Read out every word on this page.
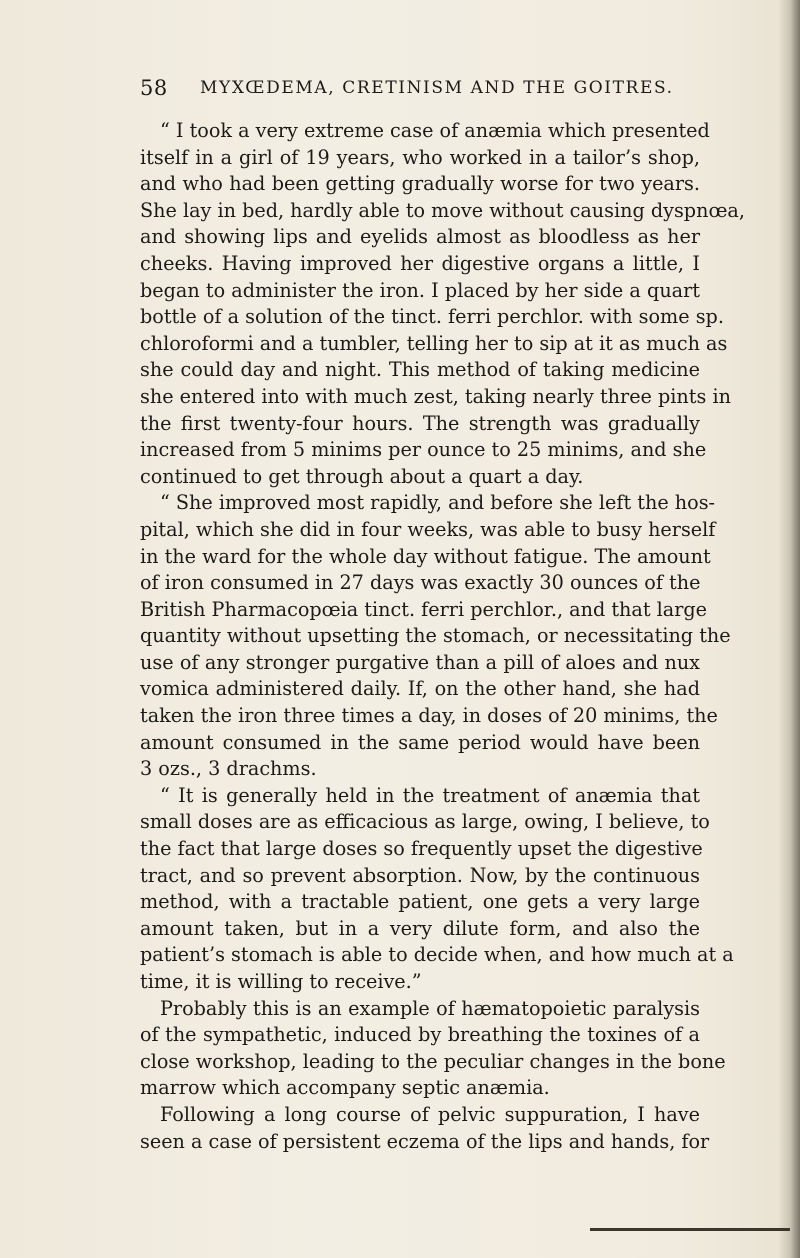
58 MYXŒDEMA, CRETINISM AND THE GOITRES.
“ I took a very extreme case of anæmia which presented
itself in a girl of 19 years, who worked in a tailor’s shop,
and who had been getting gradually worse for two years.
She lay in bed, hardly able to move without causing dyspnœa,
and showing lips and eyelids almost as bloodless as her
cheeks. Having improved her digestive organs a little, I
began to administer the iron. I placed by her side a quart
bottle of a solution of the tinct. ferri perchlor. with some sp.
chloroformi and a tumbler, telling her to sip at it as much as
she could day and night. This method of taking medicine
she entered into with much zest, taking nearly three pints in
the first twenty-four hours. The strength was gradually
increased from 5 minims per ounce to 25 minims, and she
continued to get through about a quart a day.
“ She improved most rapidly, and before she left the hos-
pital, which she did in four weeks, was able to busy herself
in the ward for the whole day without fatigue. The amount
of iron consumed in 27 days was exactly 30 ounces of the
British Pharmacopœia tinct. ferri perchlor., and that large
quantity without upsetting the stomach, or necessitating the
use of any stronger purgative than a pill of aloes and nux
vomica administered daily. If, on the other hand, she had
taken the iron three times a day, in doses of 20 minims, the
amount consumed in the same period would have been
3 ozs., 3 drachms.
“ It is generally held in the treatment of anæmia that
small doses are as efficacious as large, owing, I believe, to
the fact that large doses so frequently upset the digestive
tract, and so prevent absorption. Now, by the continuous
method, with a tractable patient, one gets a very large
amount taken, but in a very dilute form, and also the
patient’s stomach is able to decide when, and how much at a
time, it is willing to receive.”
Probably this is an example of hæmatopoietic paralysis
of the sympathetic, induced by breathing the toxines of a
close workshop, leading to the peculiar changes in the bone
marrow which accompany septic anæmia.
Following a long course of pelvic suppuration, I have
seen a case of persistent eczema of the lips and hands, for
